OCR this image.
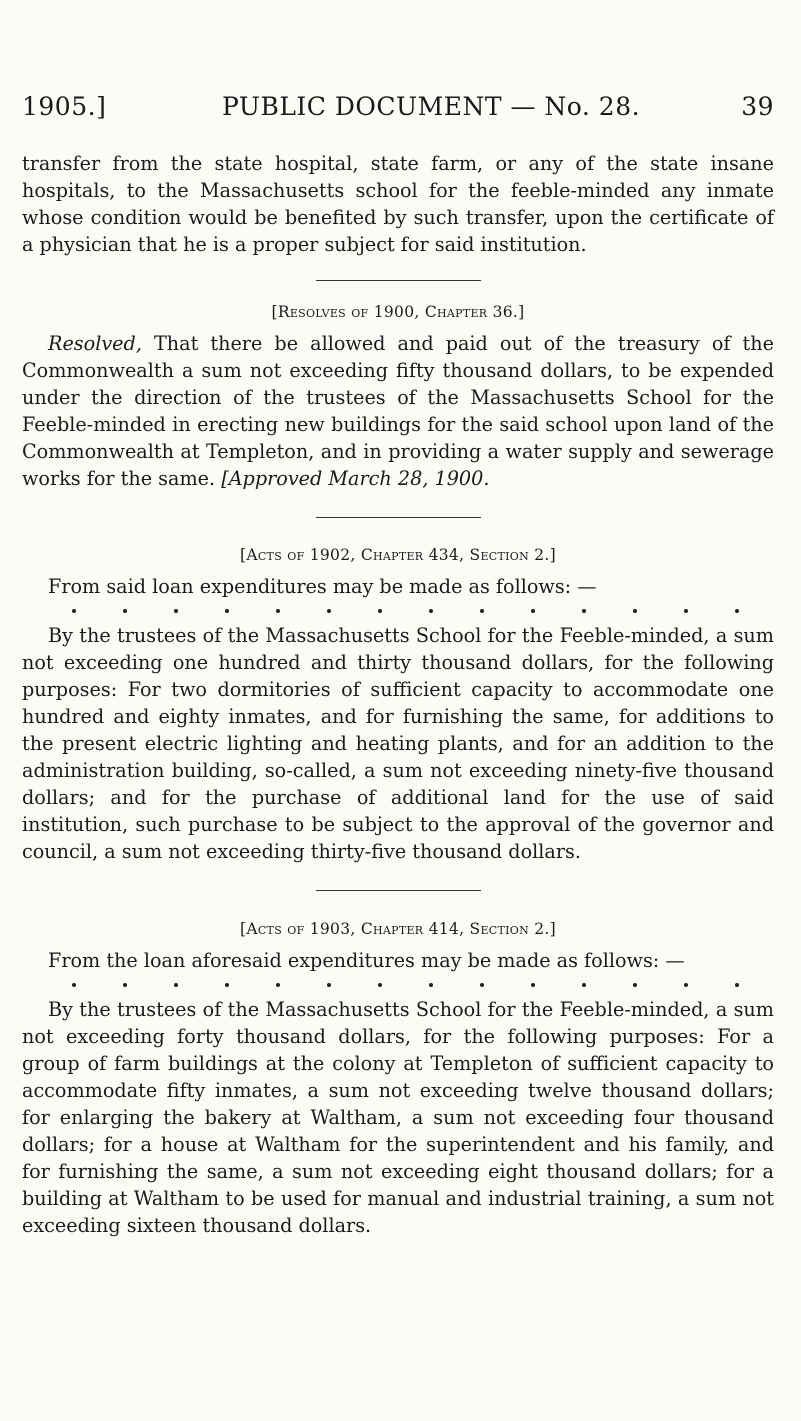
1905.]	PUBLIC DOCUMENT — No. 28.	39

transfer from the state hospital, state farm, or any of the state insane hospitals, to the Massachusetts school for the feeble-minded any inmate whose condition would be benefited by such transfer, upon the certificate of a physician that he is a proper subject for said institution.

[Resolves of 1900, Chapter 36.]

Resolved, That there be allowed and paid out of the treasury of the Commonwealth a sum not exceeding fifty thousand dollars, to be expended under the direction of the trustees of the Massachusetts School for the Feeble-minded in erecting new buildings for the said school upon land of the Commonwealth at Templeton, and in providing a water supply and sewerage works for the same. [Approved March 28, 1900.

[Acts of 1902, Chapter 434, Section 2.]

From said loan expenditures may be made as follows: —

By the trustees of the Massachusetts School for the Feeble-minded, a sum not exceeding one hundred and thirty thousand dollars, for the following purposes: For two dormitories of sufficient capacity to accommodate one hundred and eighty inmates, and for furnishing the same, for additions to the present electric lighting and heating plants, and for an addition to the administration building, so-called, a sum not exceeding ninety-five thousand dollars; and for the purchase of additional land for the use of said institution, such purchase to be subject to the approval of the governor and council, a sum not exceeding thirty-five thousand dollars.

[Acts of 1903, Chapter 414, Section 2.]

From the loan aforesaid expenditures may be made as follows: —

By the trustees of the Massachusetts School for the Feeble-minded, a sum not exceeding forty thousand dollars, for the following purposes: For a group of farm buildings at the colony at Templeton of sufficient capacity to accommodate fifty inmates, a sum not exceeding twelve thousand dollars; for enlarging the bakery at Waltham, a sum not exceeding four thousand dollars; for a house at Waltham for the superintendent and his family, and for furnishing the same, a sum not exceeding eight thousand dollars; for a building at Waltham to be used for manual and industrial training, a sum not exceeding sixteen thousand dollars.
